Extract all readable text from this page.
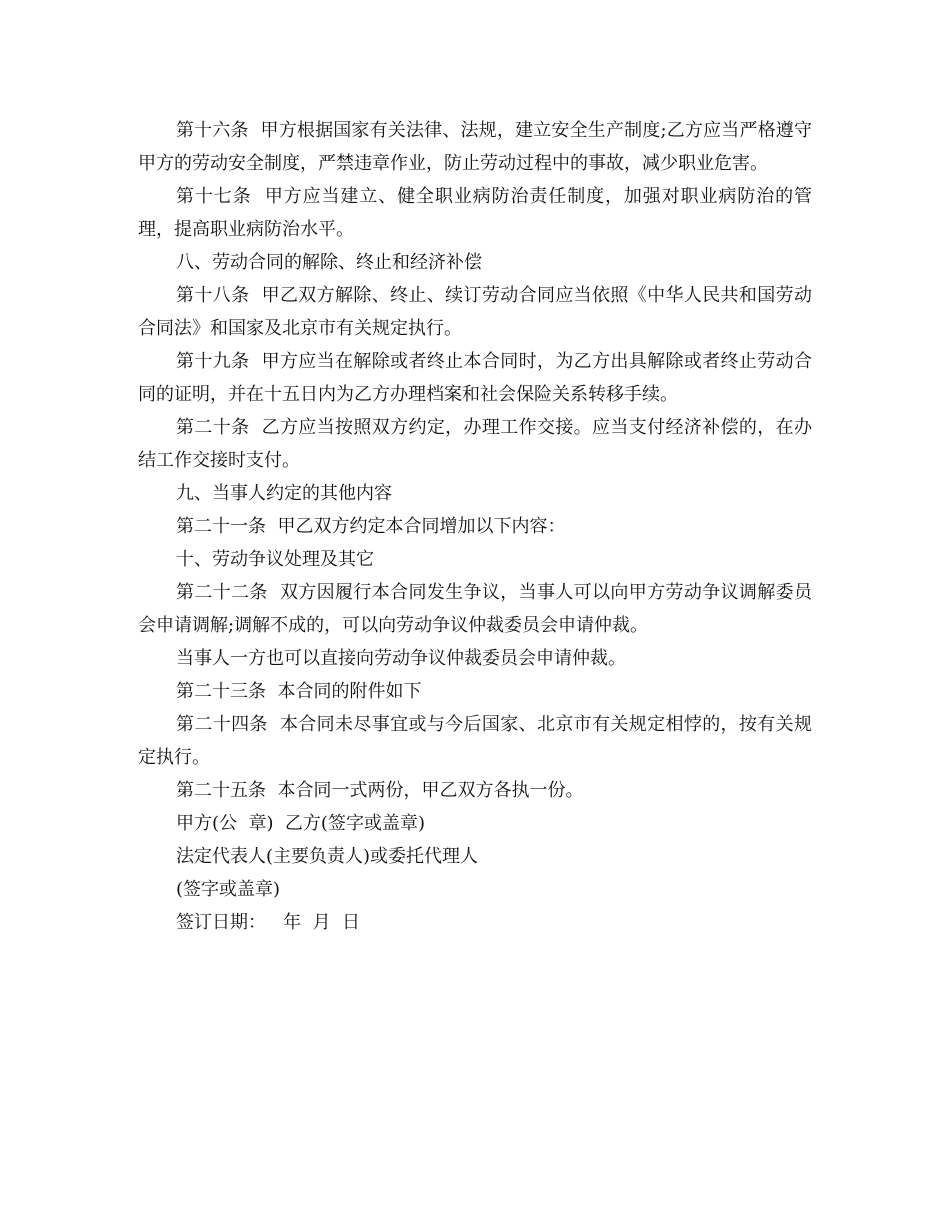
第十六条  甲方根据国家有关法律、法规，建立安全生产制度;乙方应当严格遵守甲方的劳动安全制度，严禁违章作业，防止劳动过程中的事故，减少职业危害。

第十七条  甲方应当建立、健全职业病防治责任制度，加强对职业病防治的管理，提高职业病防治水平。

八、劳动合同的解除、终止和经济补偿

第十八条  甲乙双方解除、终止、续订劳动合同应当依照《中华人民共和国劳动合同法》和国家及北京市有关规定执行。

第十九条  甲方应当在解除或者终止本合同时，为乙方出具解除或者终止劳动合同的证明，并在十五日内为乙方办理档案和社会保险关系转移手续。

第二十条  乙方应当按照双方约定，办理工作交接。应当支付经济补偿的，在办结工作交接时支付。

九、当事人约定的其他内容

第二十一条  甲乙双方约定本合同增加以下内容：

十、劳动争议处理及其它

第二十二条  双方因履行本合同发生争议，当事人可以向甲方劳动争议调解委员会申请调解;调解不成的，可以向劳动争议仲裁委员会申请仲裁。

当事人一方也可以直接向劳动争议仲裁委员会申请仲裁。

第二十三条  本合同的附件如下

第二十四条  本合同未尽事宜或与今后国家、北京市有关规定相悖的，按有关规定执行。

第二十五条  本合同一式两份，甲乙双方各执一份。

甲方(公  章)  乙方(签字或盖章)

法定代表人(主要负责人)或委托代理人

(签字或盖章)

签订日期：   年  月  日
